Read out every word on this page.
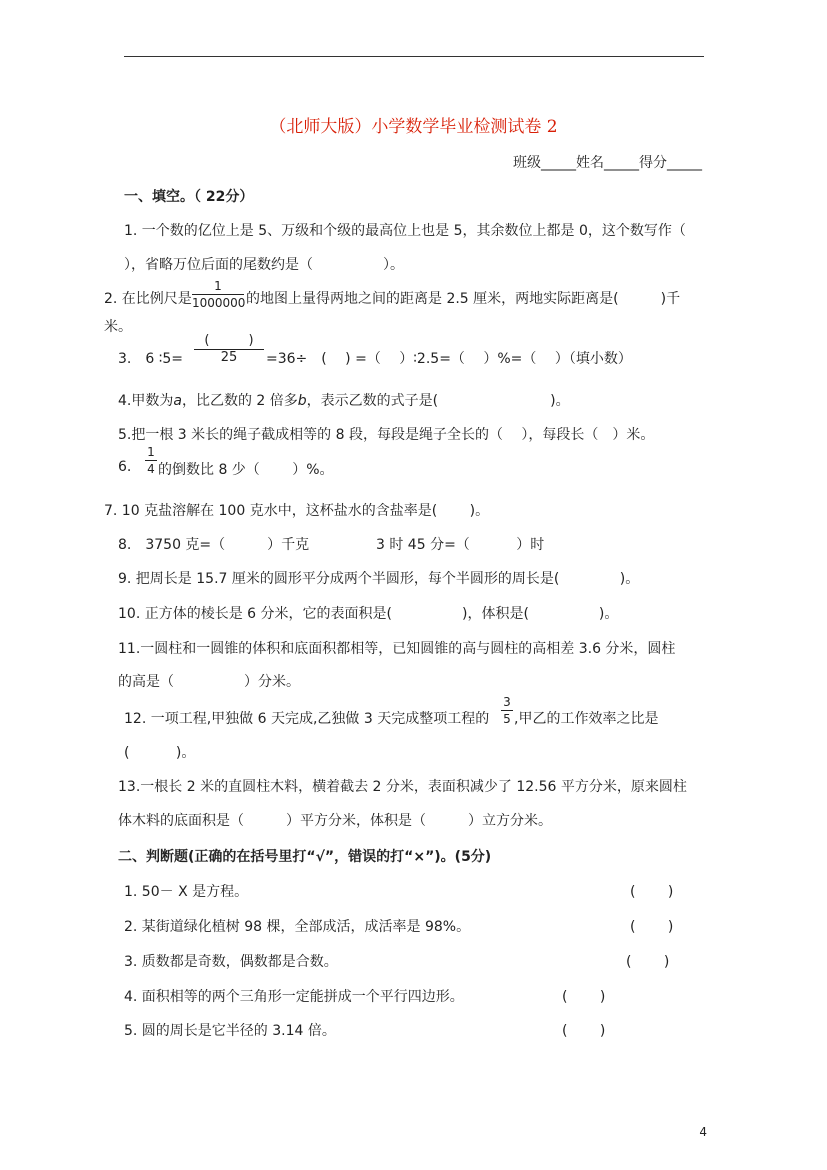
（北师大版）小学数学毕业检测试卷 2
班级_____姓名_____得分_____
一、填空。（ 22分）
1. 一个数的亿位上是 5、万级和个级的最高位上也是 5，其余数位上都是 0，这个数写作（
），省略万位后面的尾数约是（　　　　　）。
2. 在比例尺是
1
1000000 的地图上量得两地之间的距离是 2.5 厘米，两地实际距离是(　　　)千
米。
3.　6 ∶5=
(　　　)
25	=36÷　(　 ) =（　 ）∶2.5=（　 ）%=（　 ）（填小数）
4.甲数为a，比乙数的 2 倍多b，表示乙数的式子是(　　　　　　　　)。
5.把一根 3 米长的绳子截成相等的 8 段，每段是绳子全长的（　 ），每段长（　）米。
6.
1
4 的倒数比 8 少（　　 ）%。
7. 10 克盐溶解在 100 克水中，这杯盐水的含盐率是(　　 )。
8.　3750 克=（　　　）千克	3 时 45 分=（　　　 ）时
9. 把周长是 15.7 厘米的圆形平分成两个半圆形，每个半圆形的周长是(　　　　 )。
10. 正方体的棱长是 6 分米，它的表面积是(　　　　　)，体积是(　　　　　)。
11.一圆柱和一圆锥的体积和底面积都相等，已知圆锥的高与圆柱的高相差 3.6 分米，圆柱
的高是（　　　　　）分米。
12. 一项工程,甲独做 6 天完成,乙独做 3 天完成整项工程的
3
5 ,甲乙的工作效率之比是
(　　　 )。
13.一根长 2 米的直圆柱木料，横着截去 2 分米，表面积减少了 12.56 平方分米，原来圆柱
体木料的底面积是（　　　）平方分米，体积是（　　　）立方分米。
二、判断题(正确的在括号里打“√”，错误的打“×”)。(5分)
1. 50－ X 是方程。	(　　 )
2. 某街道绿化植树 98 棵，全部成活，成活率是 98%。	(　　 )
3. 质数都是奇数，偶数都是合数。	(　　 )
4. 面积相等的两个三角形一定能拼成一个平行四边形。	(　　 )
5. 圆的周长是它半径的 3.14 倍。	(　　 )
4
